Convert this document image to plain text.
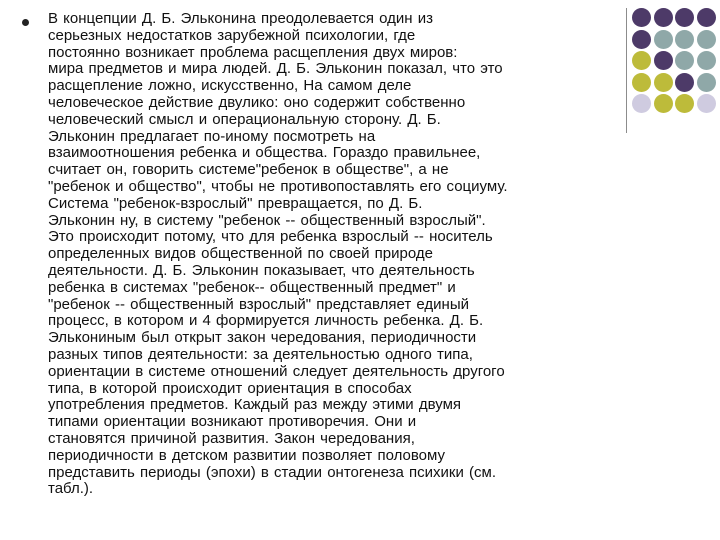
В концепции Д. Б. Эльконина преодолевается один из
серьезных недостатков зарубежной психологии, где
постоянно возникает проблема расщепления двух миров:
мира предметов и мира людей. Д. Б. Эльконин показал, что это
расщепление ложно, искусственно, На самом деле
человеческое действие двулико: оно содержит собственно
человеческий смысл и операциональную сторону. Д. Б.
Эльконин предлагает по-иному посмотреть на
взаимоотношения ребенка и общества. Гораздо правильнее,
считает он, говорить системе"ребенок в обществе", а не
"ребенок и общество", чтобы не противопоставлять его социуму.
Система "ребенок-взрослый" превращается, по Д. Б.
Эльконин ну, в систему "ребенок -- общественный взрослый".
Это происходит потому, что для ребенка взрослый -- носитель
определенных видов общественной по своей природе
деятельности. Д. Б. Эльконин показывает, что деятельность
ребенка в системах "ребенок-- общественный предмет" и
"ребенок -- общественный взрослый" представляет единый
процесс, в котором и 4 формируется личность ребенка. Д. Б.
Элькониным был открыт закон чередования, периодичности
разных типов деятельности: за деятельностью одного типа,
ориентации в системе отношений следует деятельность другого
типа, в которой происходит ориентация в способах
употребления предметов. Каждый раз между этими двумя
типами ориентации возникают противоречия. Они и
становятся причиной развития. Закон чередования,
периодичности в детском развитии позволяет половому
представить периоды (эпохи) в стадии онтогенеза психики (см.
табл.).
